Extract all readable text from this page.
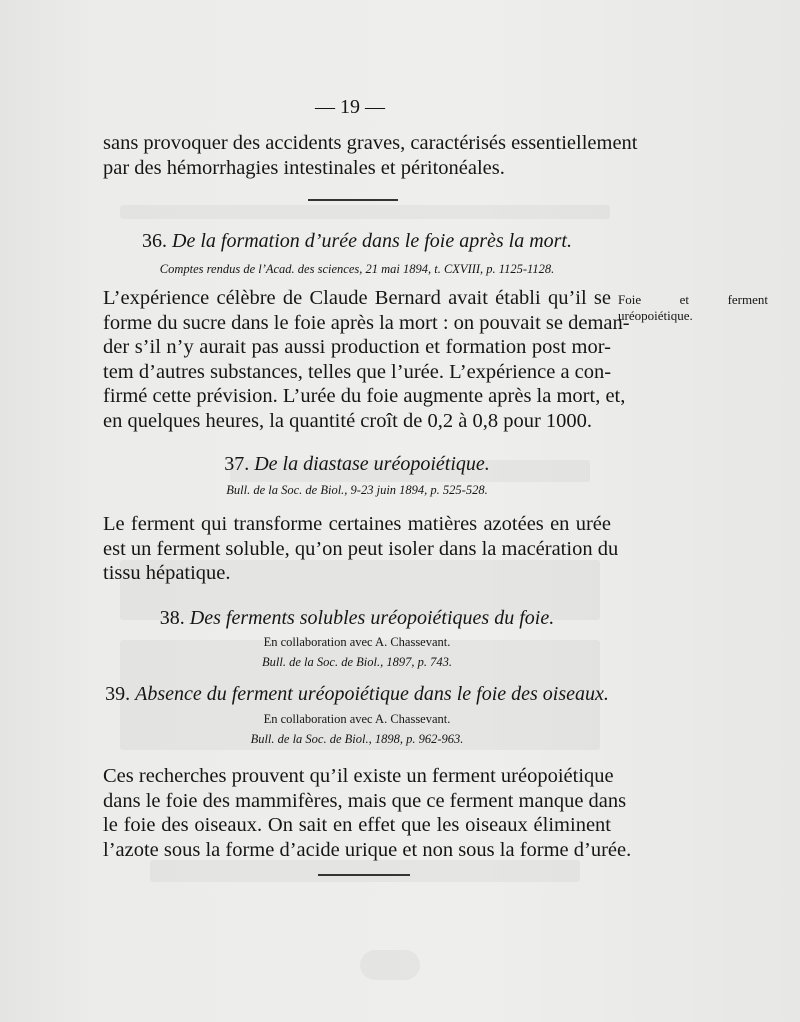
— 19 —
sans provoquer des accidents graves, caractérisés essentiellement
par des hémorrhagies intestinales et péritonéales.
36. De la formation d’urée dans le foie après la mort.
Comptes rendus de l’Acad. des sciences, 21 mai 1894, t. CXVIII, p. 1125-1128.
L’expérience célèbre de Claude Bernard avait établi qu’il se
forme du sucre dans le foie après la mort : on pouvait se deman-
der s’il n’y aurait pas aussi production et formation post mor-
tem d’autres substances, telles que l’urée. L’expérience a con-
firmé cette prévision. L’urée du foie augmente après la mort, et,
en quelques heures, la quantité croît de 0,2 à 0,8 pour 1000.
Foie et ferment
uréopoiétique.
37. De la diastase uréopoiétique.
Bull. de la Soc. de Biol., 9-23 juin 1894, p. 525-528.
Le ferment qui transforme certaines matières azotées en urée
est un ferment soluble, qu’on peut isoler dans la macération du
tissu hépatique.
38. Des ferments solubles uréopoiétiques du foie.
En collaboration avec A. Chassevant.
Bull. de la Soc. de Biol., 1897, p. 743.
39. Absence du ferment uréopoiétique dans le foie des oiseaux.
En collaboration avec A. Chassevant.
Bull. de la Soc. de Biol., 1898, p. 962-963.
Ces recherches prouvent qu’il existe un ferment uréopoiétique
dans le foie des mammifères, mais que ce ferment manque dans
le foie des oiseaux. On sait en effet que les oiseaux éliminent
l’azote sous la forme d’acide urique et non sous la forme d’urée.
